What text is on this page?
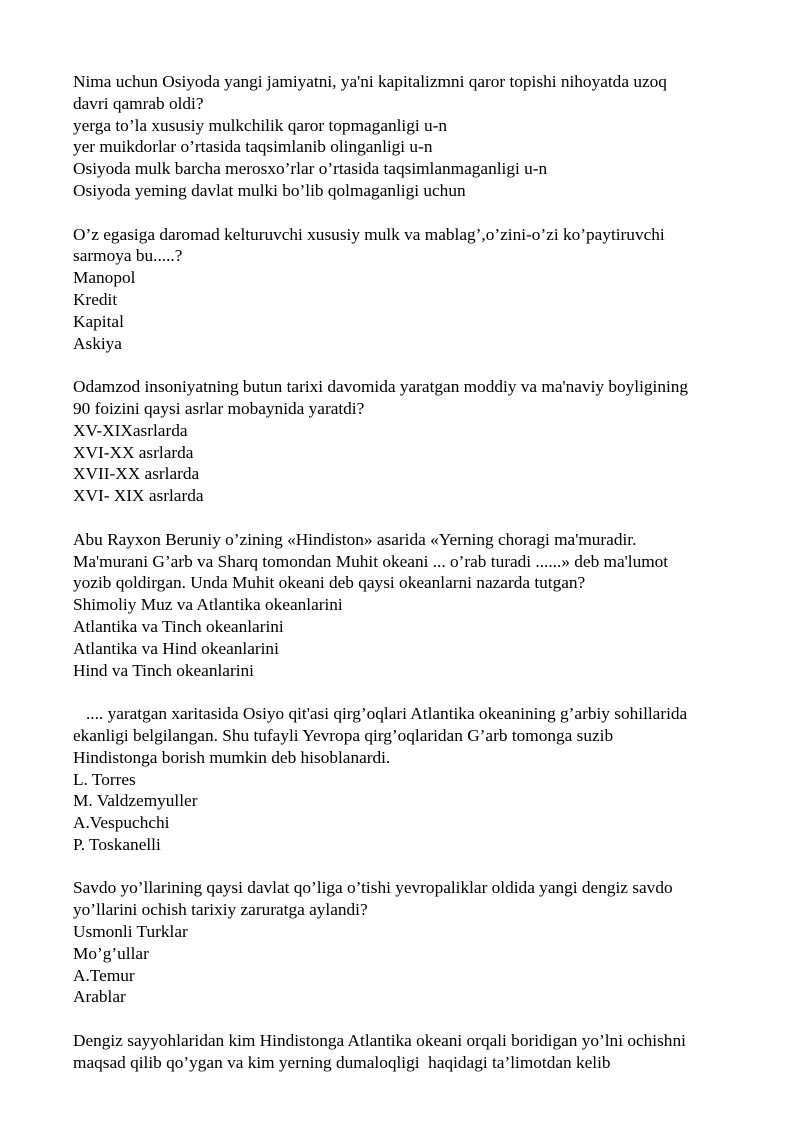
Nima uchun Osiyoda yangi jamiyatni, ya'ni kapitalizmni qaror topishi nihoyatda uzoq
davri qamrab oldi?
yerga to’la xususiy mulkchilik qaror topmaganligi u-n
yer muikdorlar o’rtasida taqsimlanib olinganligi u-n
Osiyoda mulk barcha merosxo’rlar o’rtasida taqsimlanmaganligi u-n
Osiyoda yeming davlat mulki bo’lib qolmaganligi uchun
O’z egasiga daromad kelturuvchi xususiy mulk va mablag’,o’zini-o’zi ko’paytiruvchi
sarmoya bu.....?
Manopol
Kredit
Kapital
Askiya
Odamzod insoniyatning butun tarixi davomida yaratgan moddiy va ma'naviy boyligining
90 foizini qaysi asrlar mobaynida yaratdi?
XV-XIXasrlarda
XVI-XX asrlarda
XVII-XX asrlarda
XVI- XIX asrlarda
Abu Rayxon Beruniy o’zining «Hindiston» asarida «Yerning choragi ma'muradir.
Ma'murani G’arb va Sharq tomondan Muhit okeani ... o’rab turadi ......» deb ma'lumot
yozib qoldirgan. Unda Muhit okeani deb qaysi okeanlarni nazarda tutgan?
Shimoliy Muz va Atlantika okeanlarini
Atlantika va Tinch okeanlarini
Atlantika va Hind okeanlarini
Hind va Tinch okeanlarini
.... yaratgan xaritasida Osiyo qit'asi qirg’oqlari Atlantika okeanining g’arbiy sohillarida
ekanligi belgilangan. Shu tufayli Yevropa qirg’oqlaridan G’arb tomonga suzib
Hindistonga borish mumkin deb hisoblanardi.
L. Torres
M. Valdzemyuller
A.Vespuchchi
P. Toskanelli
Savdo yo’llarining qaysi davlat qo’liga o’tishi yevropaliklar oldida yangi dengiz savdo
yo’llarini ochish tarixiy zaruratga aylandi?
Usmonli Turklar
Mo’g’ullar
A.Temur
Arablar
Dengiz sayyohlaridan kim Hindistonga Atlantika okeani orqali boridigan yo’lni ochishni
maqsad qilib qo’ygan va kim yerning dumaloqligi  haqidagi ta’limotdan kelib
